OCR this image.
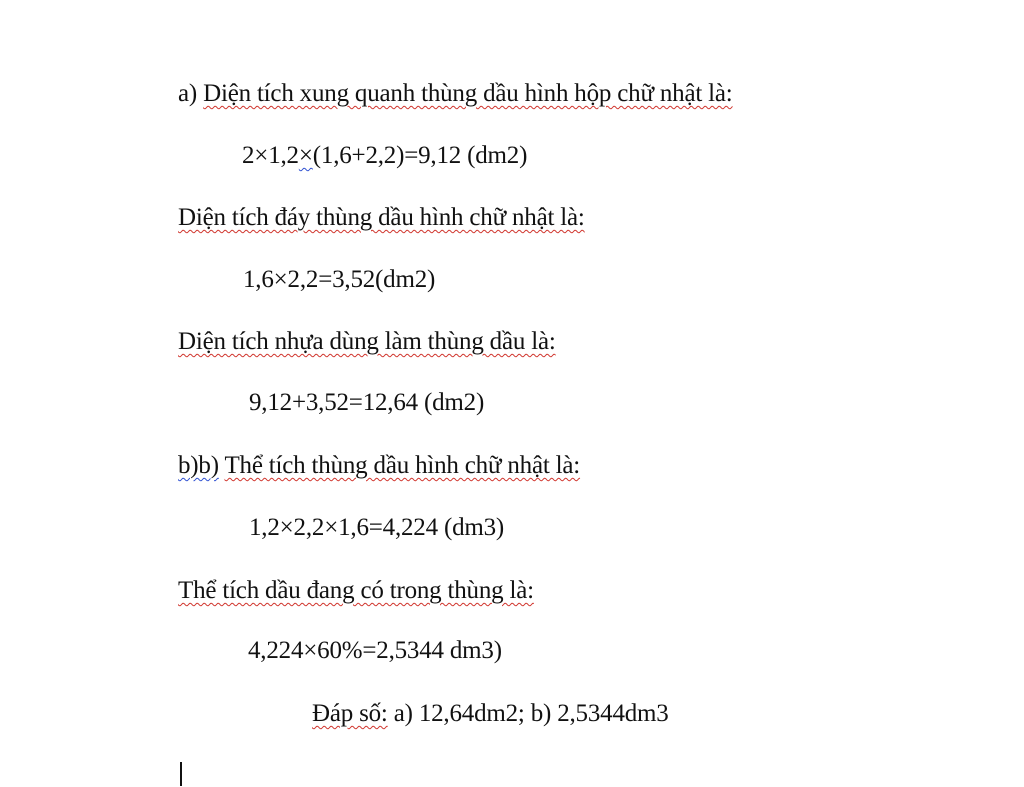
a) Diện tích xung quanh thùng dầu hình hộp chữ nhật là:
2×1,2×(1,6+2,2)=9,12 (dm2)
Diện tích đáy thùng dầu hình chữ nhật là:
1,6×2,2=3,52(dm2)
Diện tích nhựa dùng làm thùng dầu là:
9,12+3,52=12,64 (dm2)
b)b) Thể tích thùng dầu hình chữ nhật là:
1,2×2,2×1,6=4,224 (dm3)
Thể tích dầu đang có trong thùng là:
4,224×60%=2,5344 dm3)
Đáp số: a) 12,64dm2; b) 2,5344dm3
